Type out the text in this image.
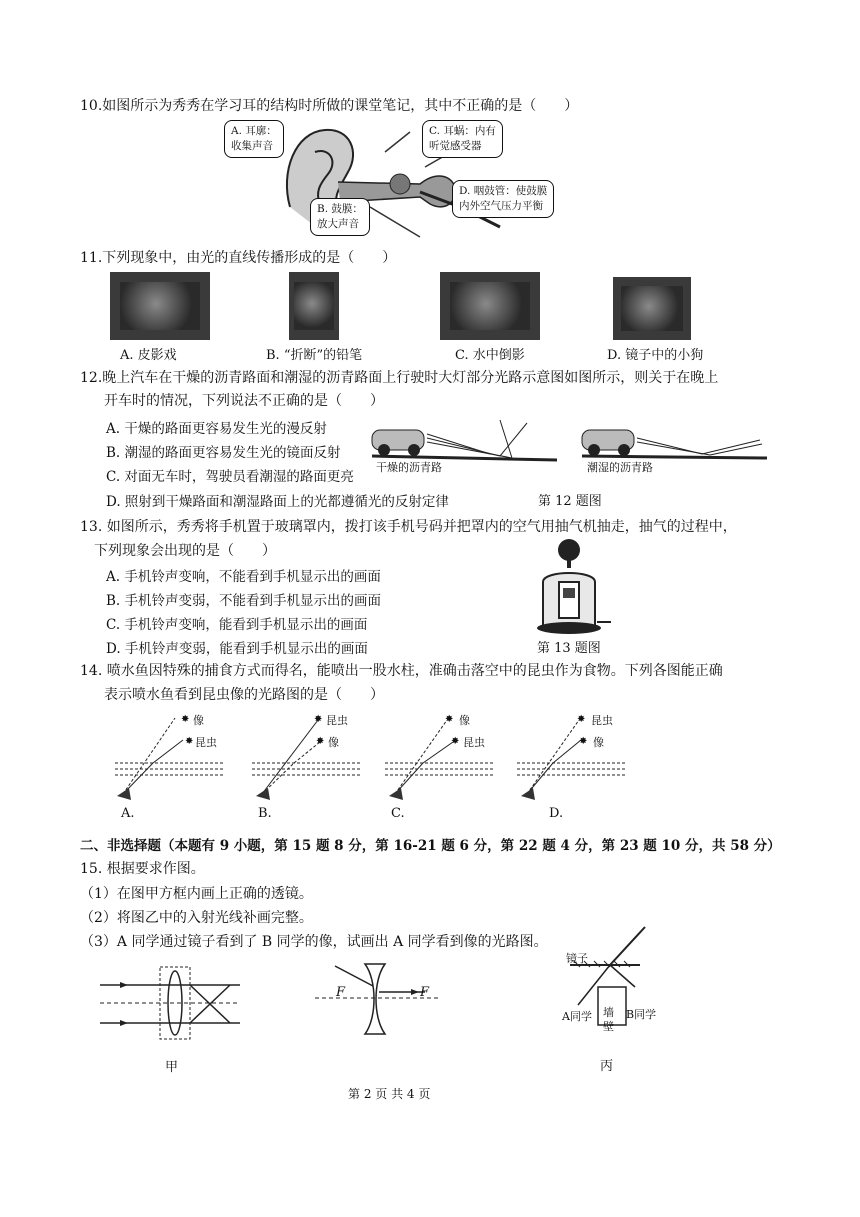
10.如图所示为秀秀在学习耳的结构时所做的课堂笔记，其中不正确的是（　　）
A. 耳廓：
收集声音
B. 鼓膜：
放大声音
C. 耳蜗：内有
听觉感受器
D. 咽鼓管：使鼓膜
内外空气压力平衡
11.下列现象中，由光的直线传播形成的是（　　）
A. 皮影戏	B. “折断”的铅笔	C. 水中倒影	D. 镜子中的小狗
12.晚上汽车在干燥的沥青路面和潮湿的沥青路面上行驶时大灯部分光路示意图如图所示，则关于在晚上
开车时的情况，下列说法不正确的是（　　）
A. 干燥的路面更容易发生光的漫反射
B. 潮湿的路面更容易发生光的镜面反射
C. 对面无车时，驾驶员看潮湿的路面更亮
D. 照射到干燥路面和潮湿路面上的光都遵循光的反射定律
干燥的沥青路	潮湿的沥青路
第 12 题图
13. 如图所示，秀秀将手机置于玻璃罩内，拨打该手机号码并把罩内的空气用抽气机抽走，抽气的过程中，
下列现象会出现的是（　　）
A. 手机铃声变响，不能看到手机显示出的画面
B. 手机铃声变弱，不能看到手机显示出的画面
C. 手机铃声变响，能看到手机显示出的画面
D. 手机铃声变弱，能看到手机显示出的画面	第 13 题图
14. 喷水鱼因特殊的捕食方式而得名，能喷出一股水柱，准确击落空中的昆虫作为食物。下列各图能正确
表示喷水鱼看到昆虫像的光路图的是（　　）
✸
✸
像
昆虫
A.
✸
✸
昆虫
像
B.
✸
✸
像
昆虫
C.
✸
✸
昆虫
像
D.
二、非选择题（本题有 9 小题，第 15 题 8 分，第 16-21 题 6 分，第 22 题 4 分，第 23 题 10 分，共 58 分）
15. 根据要求作图。
（1）在图甲方框内画上正确的透镜。
（2）将图乙中的入射光线补画完整。
（3）A 同学通过镜子看到了 B 同学的像，试画出 A 同学看到像的光路图。
甲
F	F
镜子
A同学	B同学
墙
壁
丙
第 2 页 共 4 页
